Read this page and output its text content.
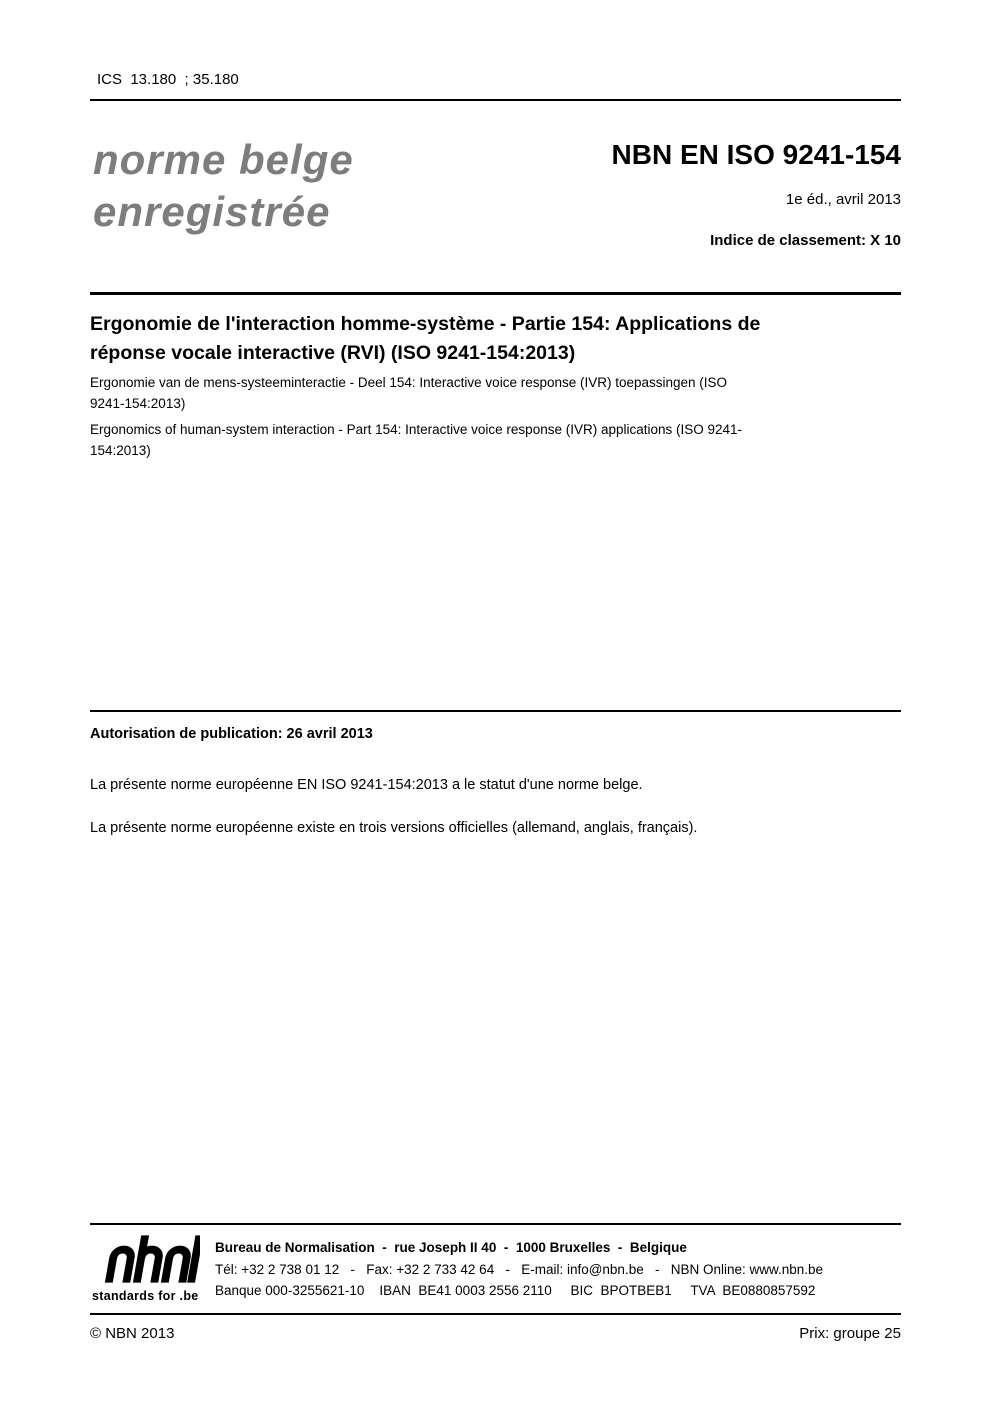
ICS  13.180  ; 35.180
norme belge
enregistrée
NBN EN ISO 9241-154
1e éd., avril 2013
Indice de classement: X 10
Ergonomie de l'interaction homme-système - Partie 154: Applications de
réponse vocale interactive (RVI) (ISO 9241-154:2013)
Ergonomie van de mens-systeeminteractie - Deel 154: Interactive voice response (IVR) toepassingen (ISO
9241-154:2013)
Ergonomics of human-system interaction - Part 154: Interactive voice response (IVR) applications (ISO 9241-
154:2013)
Autorisation de publication: 26 avril 2013
La présente norme européenne EN ISO 9241-154:2013 a le statut d'une norme belge.
La présente norme européenne existe en trois versions officielles (allemand, anglais, français).
standards for .be
Bureau de Normalisation  -  rue Joseph II 40  -  1000 Bruxelles  -  Belgique
Tél: +32 2 738 01 12   -   Fax: +32 2 733 42 64   -   E-mail: info@nbn.be   -   NBN Online: www.nbn.be
Banque 000-3255621-10    IBAN  BE41 0003 2556 2110     BIC  BPOTBEB1     TVA  BE0880857592
© NBN 2013	Prix: groupe 25
